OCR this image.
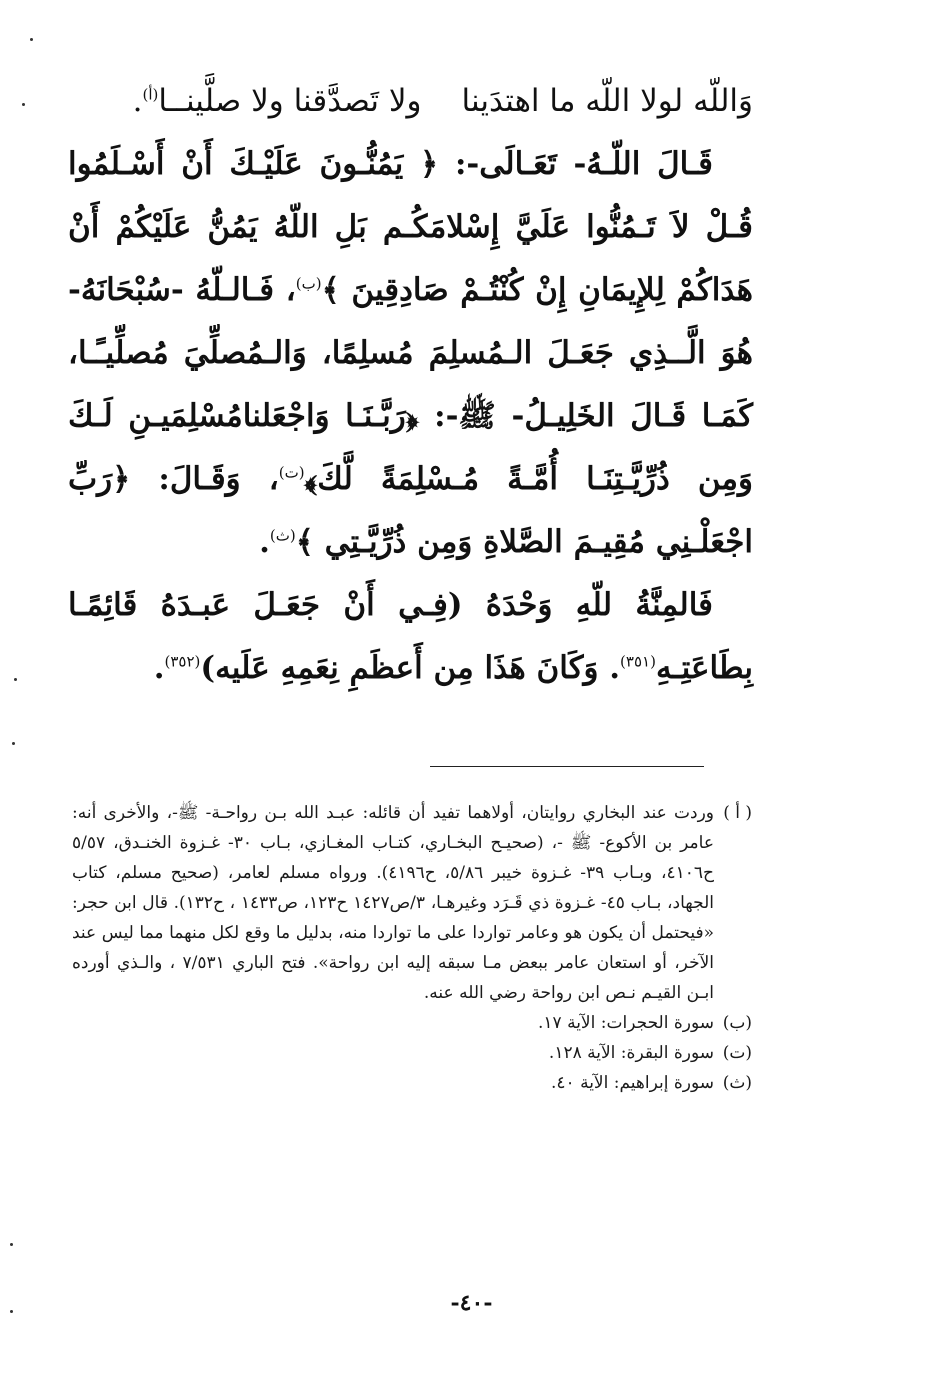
وَاللّه لولا اللّه ما اهتدَيناولا تَصدَّقنا ولا صلَّينــا$^{(أ)}$.

قَـالَ اللّـهُ- تَعَـالَى-: ﴿ يَمُنُّـونَ عَلَيْـكَ أَنْ أَسْـلَمُوا قُـلْ لاَ تَـمُنُّوا عَلَيَّ إِسْلامَكُـم بَلِ اللّهُ يَمُنُّ عَلَيْكُمْ أَنْ هَدَاكُمْ لِلإِيمَانِ إِنْ كُنْتُـمْ صَادِقِينَ ﴾$^{(ب)}$، فَـالـلّهُ -سُبْحَانَهُ- هُوَ الَّــذِي جَعَـلَ الـمُسلِمَ مُسلِمًا، وَالـمُصلِّيَ مُصلِّيـًـا، كَمَـا قَـالَ الخَلِيـلُ- ﷺ-: ﴿رَبَّـنَـا وَاجْعَلنامُسْلِمَيـنِ لَـكَ وَمِن ذُرِّيَّـتِنَـا أُمَّـةً مُـسْلِمَةً لَّكَ﴾$^{(ت)}$، وَقَـالَ: ﴿رَبِّ اجْعَلْـنِي مُقِيـمَ الصَّلاةِ وَمِن ذُرِّيَّـتِي ﴾$^{(ث)}$.

فَالمِنَّةُ للّهِ وَحْدَهُ (فِـي أَنْ جَعَـلَ عَبـدَهُ قَائِمًـا بِطَاعَتِـهِ$^{(٣٥١)}$. وَكَانَ هَذَا مِن أَعظَمِ نِعَمِهِ عَلَيه)$^{(٣٥٢)}$.

( أ )
وردت عند البخاري روايتان، أولاهما تفيد أن قائله: عبـد الله بـن رواحـة- ﷺ-، والأخرى أنه: عامر بن الأكوع- ﷺ -، (صحيـح البخـاري، كتـاب المغـازي، بـاب ٣٠- غـزوة الخنـدق، ٥/٥٧ ح٤١٠٦، وبـاب ٣٩- غـزوة خيبر ٥/٨٦، ح٤١٩٦). ورواه مسلم لعامر، (صحيح مسلم، كتاب الجهاد، بـاب ٤٥- غـزوة ذي قَـرَد وغيرهـا، ٣/ص١٤٢٧ ح١٢٣، ص١٤٣٣ ، ح١٣٢). قال ابن حجر: «فيحتمل أن يكون هو وعامر تواردا على ما تواردا منه، بدليل ما وقع لكل منهما مما ليس عند الآخر، أو استعان عامر ببعض مـا سبقه إليه ابن رواحة». فتح الباري ٧/٥٣١ ، والـذي أورده ابـن القيـم نـص ابن رواحة رضي الله عنه.
(ب)
سورة الحجرات: الآية ١٧.
(ت)
سورة البقرة: الآية ١٢٨.
(ث)
سورة إبراهيم: الآية ٤٠.
-٤٠-
